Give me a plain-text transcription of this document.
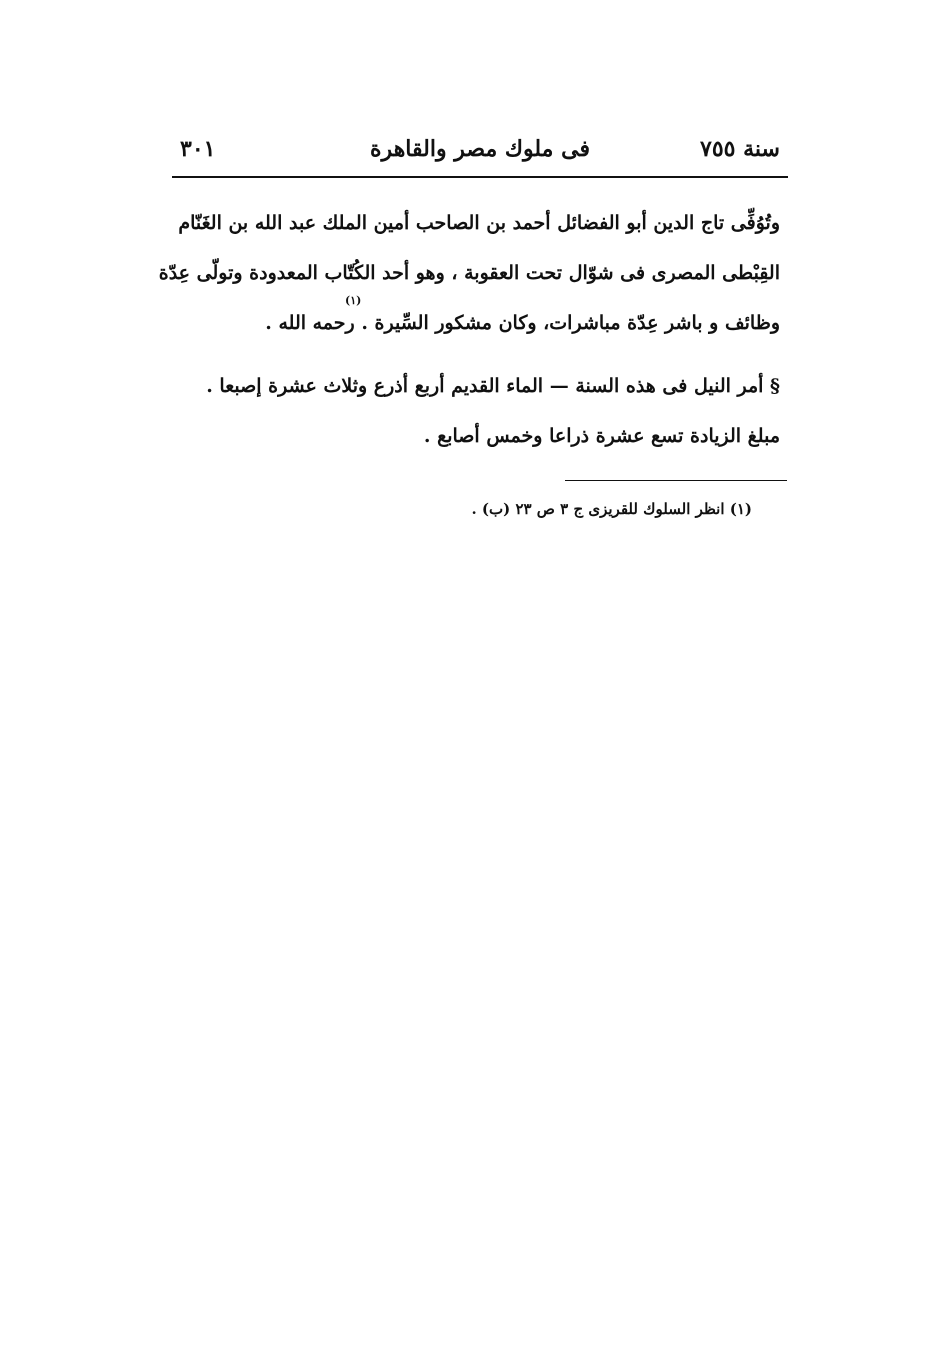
سنة ٧٥٥
فى ملوك مصر والقاهرة
٣٠١
وتُوُفِّى تاج الدين أبو الفضائل أحمد بن الصاحب أمين الملك عبد الله بن الغَنّام
القِبْطى المصرى فى شوّال تحت العقوبة ، وهو أحد الكُتّاب المعدودة وتولّى عِدّة
وظائف و باشر عِدّة مباشرات، وكان مشكور السِّيرة . رحمه الله .
(١)
§ أمر النيل فى هذه السنة — الماء القديم أربع أذرع وثلاث عشرة إصبعا .
مبلغ الزيادة تسع عشرة ذراعا وخمس أصابع .
(١) انظر السلوك للقريزى ج ٣ ص ٢٣ (ب) .
